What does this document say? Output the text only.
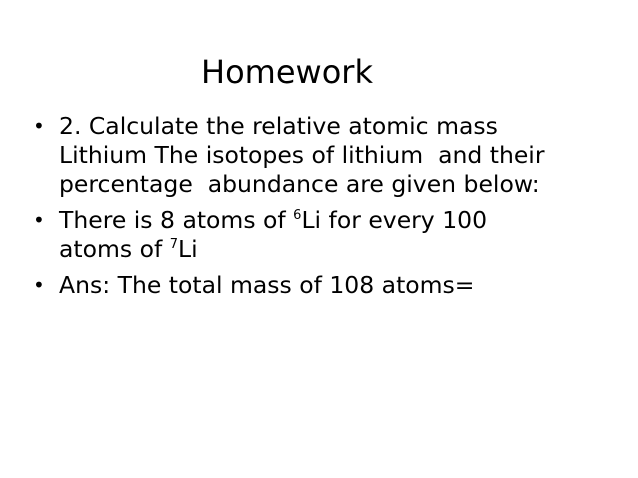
Homework
• 2. Calculate the relative atomic mass
Lithium The isotopes of lithium  and their
percentage  abundance are given below:
• There is 8 atoms of $^6$Li for every 100
atoms of $^7$Li
• Ans: The total mass of 108 atoms=
